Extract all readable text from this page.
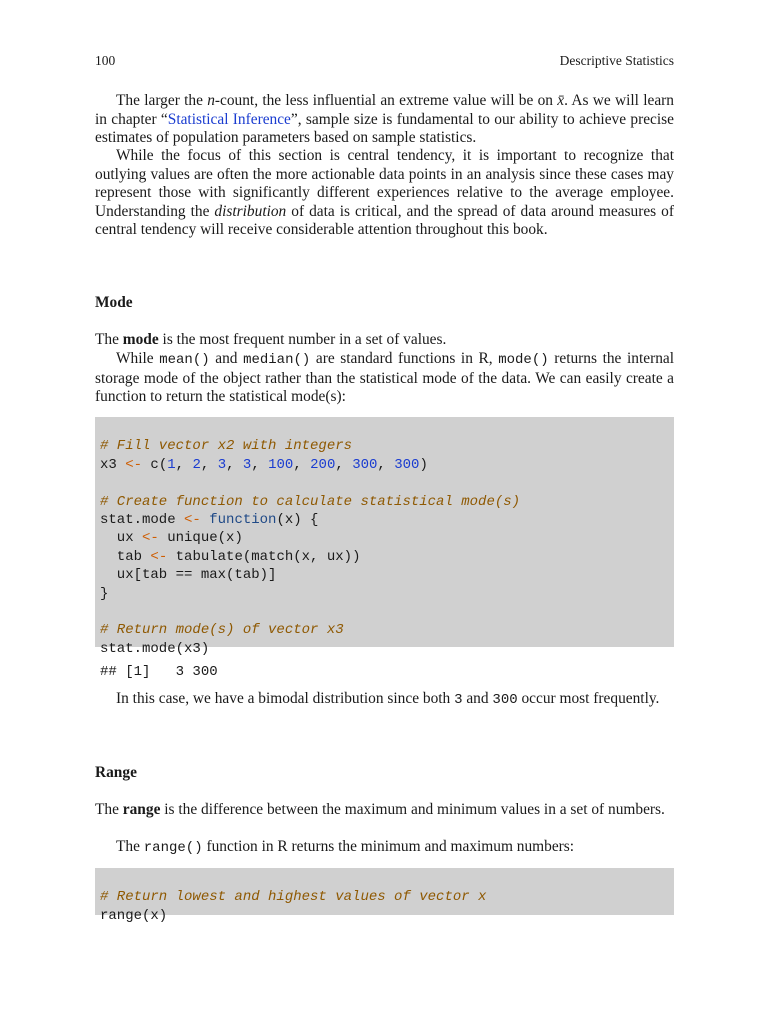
100	Descriptive Statistics

The larger the n-count, the less influential an extreme value will be on x̄. As we will learn in chapter “Statistical Inference”, sample size is fundamental to our ability to achieve precise estimates of population parameters based on sample statistics.

While the focus of this section is central tendency, it is important to recognize that outlying values are often the more actionable data points in an analysis since these cases may represent those with significantly different experiences relative to the average employee. Understanding the distribution of data is critical, and the spread of data around measures of central tendency will receive considerable attention throughout this book.

Mode

The mode is the most frequent number in a set of values.

While mean() and median() are standard functions in R, mode() returns the internal storage mode of the object rather than the statistical mode of the data. We can easily create a function to return the statistical mode(s):

# Fill vector x2 with integers
x3 <- c(1, 2, 3, 3, 100, 200, 300, 300)
# Create function to calculate statistical mode(s)
stat.mode <- function(x) {
ux <- unique(x)
tab <- tabulate(match(x, ux))
ux[tab == max(tab)]
}
# Return mode(s) of vector x3
stat.mode(x3)
## [1]   3 300

In this case, we have a bimodal distribution since both 3 and 300 occur most frequently.

Range

The range is the difference between the maximum and minimum values in a set of numbers.

The range() function in R returns the minimum and maximum numbers:

# Return lowest and highest values of vector x
range(x)
